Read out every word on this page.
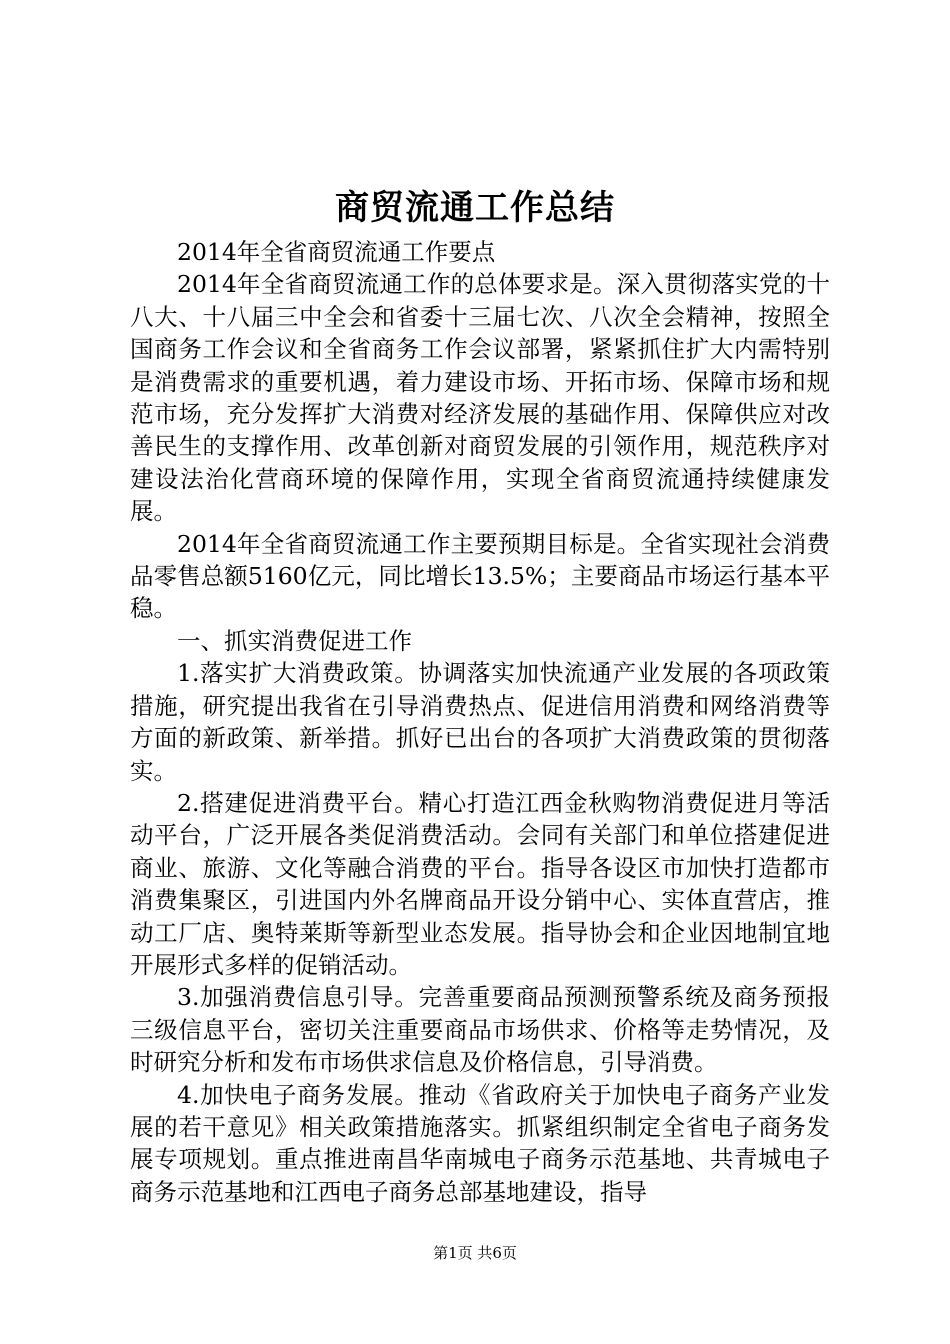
商贸流通工作总结

2014年全省商贸流通工作要点

2014年全省商贸流通工作的总体要求是。深入贯彻落实党的十八大、十八届三中全会和省委十三届七次、八次全会精神，按照全国商务工作会议和全省商务工作会议部署，紧紧抓住扩大内需特别是消费需求的重要机遇，着力建设市场、开拓市场、保障市场和规范市场，充分发挥扩大消费对经济发展的基础作用、保障供应对改善民生的支撑作用、改革创新对商贸发展的引领作用，规范秩序对建设法治化营商环境的保障作用，实现全省商贸流通持续健康发展。

2014年全省商贸流通工作主要预期目标是。全省实现社会消费品零售总额5160亿元，同比增长13.5%；主要商品市场运行基本平稳。

一、抓实消费促进工作

1.落实扩大消费政策。协调落实加快流通产业发展的各项政策措施，研究提出我省在引导消费热点、促进信用消费和网络消费等方面的新政策、新举措。抓好已出台的各项扩大消费政策的贯彻落实。

2.搭建促进消费平台。精心打造江西金秋购物消费促进月等活动平台，广泛开展各类促消费活动。会同有关部门和单位搭建促进商业、旅游、文化等融合消费的平台。指导各设区市加快打造都市消费集聚区，引进国内外名牌商品开设分销中心、实体直营店，推动工厂店、奥特莱斯等新型业态发展。指导协会和企业因地制宜地开展形式多样的促销活动。

3.加强消费信息引导。完善重要商品预测预警系统及商务预报三级信息平台，密切关注重要商品市场供求、价格等走势情况，及时研究分析和发布市场供求信息及价格信息，引导消费。

4.加快电子商务发展。推动《省政府关于加快电子商务产业发展的若干意见》相关政策措施落实。抓紧组织制定全省电子商务发展专项规划。重点推进南昌华南城电子商务示范基地、共青城电子商务示范基地和江西电子商务总部基地建设，指导

第1页 共6页
